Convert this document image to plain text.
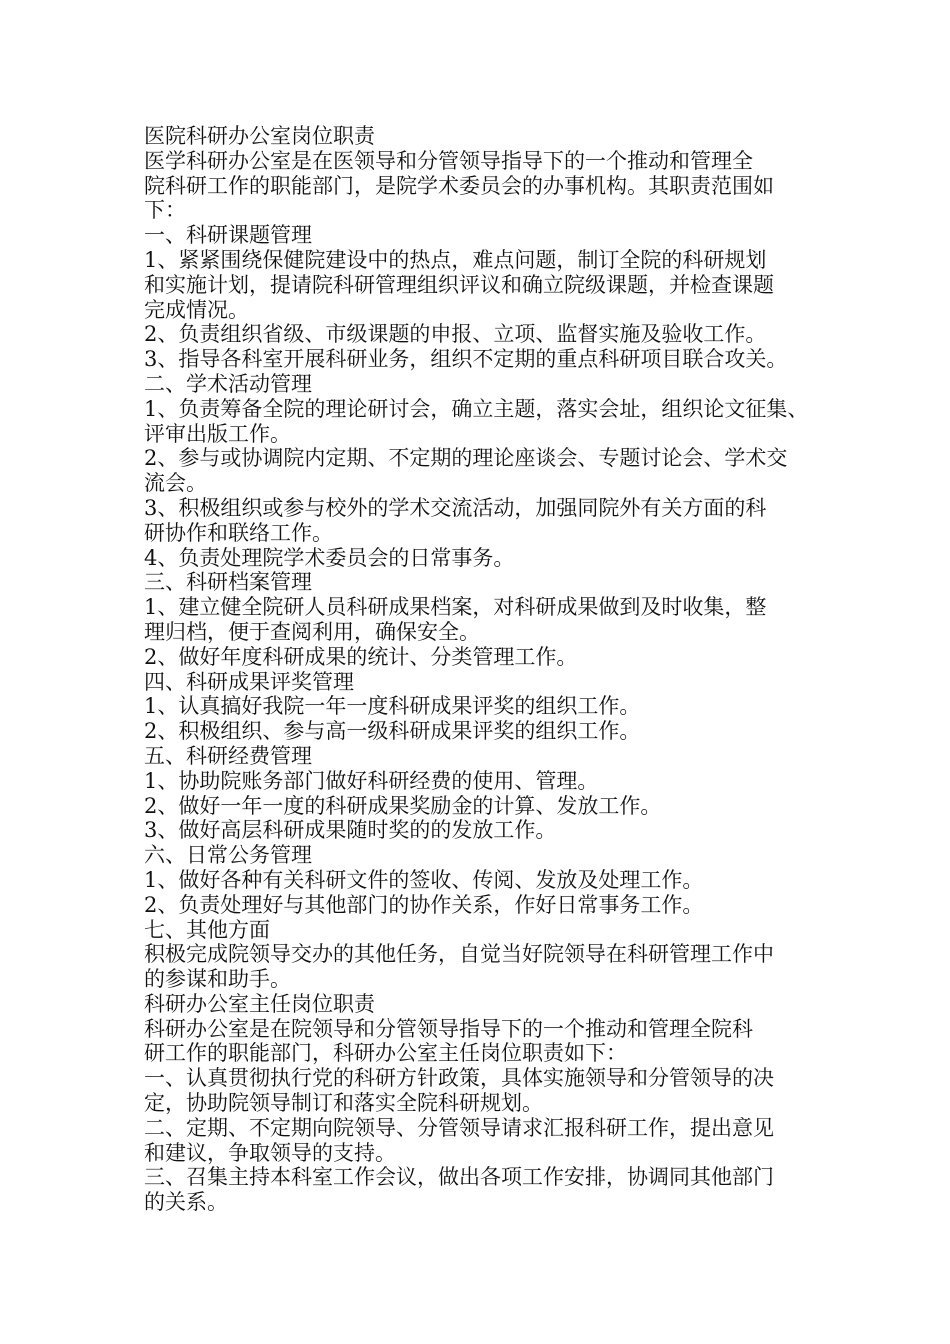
医院科研办公室岗位职责

医学科研办公室是在医领导和分管领导指导下的一个推动和管理全

院科研工作的职能部门，是院学术委员会的办事机构。其职责范围如

下：

一、科研课题管理

1、紧紧围绕保健院建设中的热点，难点问题，制订全院的科研规划

和实施计划，提请院科研管理组织评议和确立院级课题，并检查课题

完成情况。

2、负责组织省级、市级课题的申报、立项、监督实施及验收工作。

3、指导各科室开展科研业务，组织不定期的重点科研项目联合攻关。

二、学术活动管理

1、负责筹备全院的理论研讨会，确立主题，落实会址，组织论文征集、

评审出版工作。

2、参与或协调院内定期、不定期的理论座谈会、专题讨论会、学术交

流会。

3、积极组织或参与校外的学术交流活动，加强同院外有关方面的科

研协作和联络工作。

4、负责处理院学术委员会的日常事务。

三、科研档案管理

1、建立健全院研人员科研成果档案，对科研成果做到及时收集，整

理归档，便于查阅利用，确保安全。

2、做好年度科研成果的统计、分类管理工作。

四、科研成果评奖管理

1、认真搞好我院一年一度科研成果评奖的组织工作。

2、积极组织、参与高一级科研成果评奖的组织工作。

五、科研经费管理

1、协助院账务部门做好科研经费的使用、管理。

2、做好一年一度的科研成果奖励金的计算、发放工作。

3、做好高层科研成果随时奖的的发放工作。

六、日常公务管理

1、做好各种有关科研文件的签收、传阅、发放及处理工作。

2、负责处理好与其他部门的协作关系，作好日常事务工作。

七、其他方面

积极完成院领导交办的其他任务，自觉当好院领导在科研管理工作中

的参谋和助手。

科研办公室主任岗位职责

科研办公室是在院领导和分管领导指导下的一个推动和管理全院科

研工作的职能部门，科研办公室主任岗位职责如下：

一、认真贯彻执行党的科研方针政策，具体实施领导和分管领导的决

定，协助院领导制订和落实全院科研规划。

二、定期、不定期向院领导、分管领导请求汇报科研工作，提出意见

和建议，争取领导的支持。

三、召集主持本科室工作会议，做出各项工作安排，协调同其他部门

的关系。
